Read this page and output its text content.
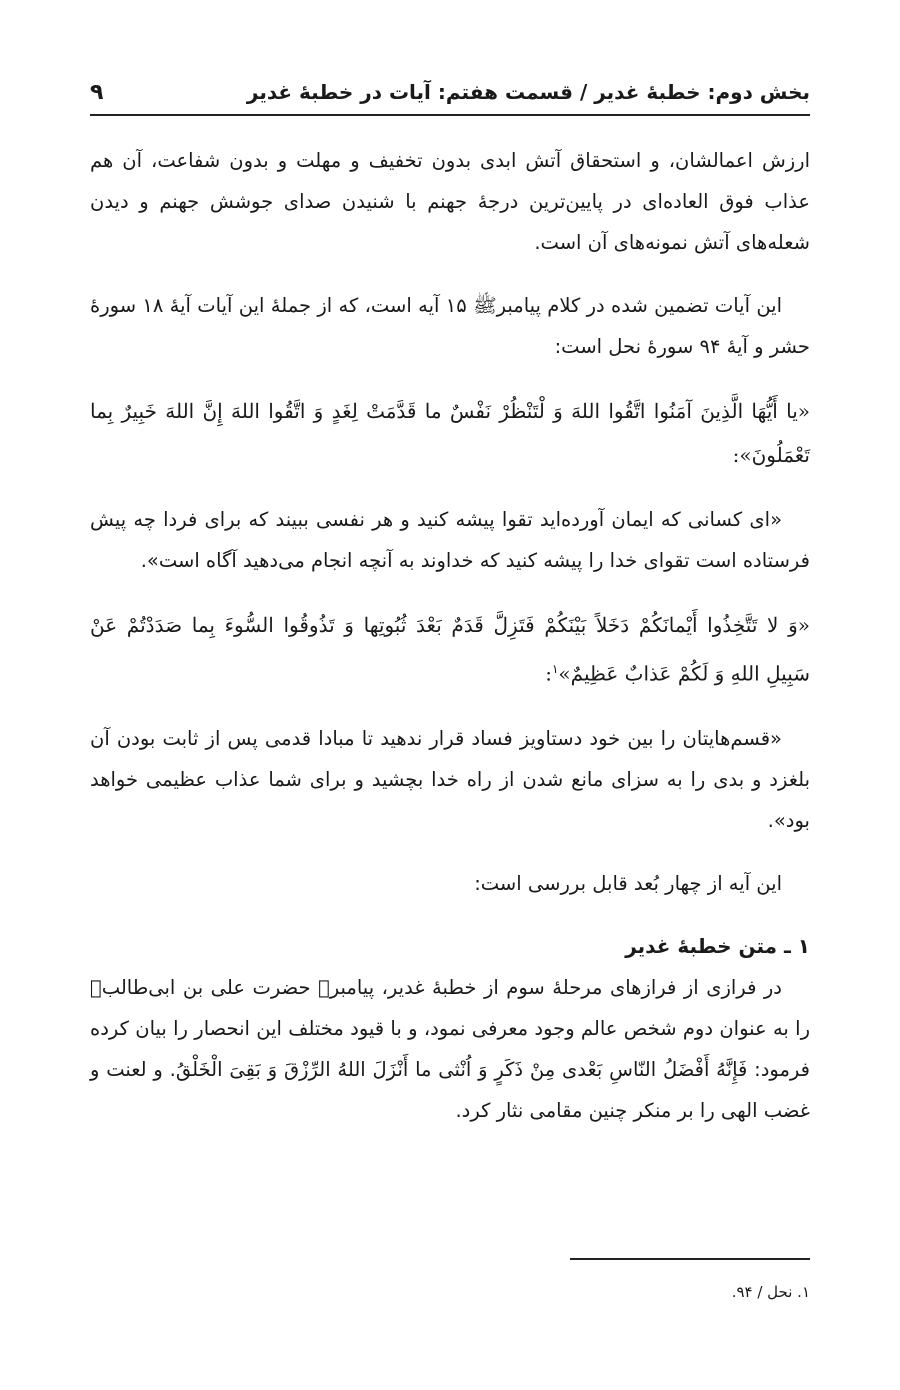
بخش دوم: خطبهٔ غدیر / قسمت هفتم: آیات در خطبهٔ غدیر
۹

ارزش اعمالشان، و استحقاق آتش ابدی بدون تخفیف و مهلت و بدون شفاعت، آن هم عذاب فوق العاده‌ای در پایین‌ترین درجهٔ جهنم با شنیدن صدای جوشش جهنم و دیدن شعله‌های آتش نمونه‌های آن است.

این آیات تضمین شده در کلام پیامبرﷺ ۱۵ آیه است، که از جملهٔ این آیات آیهٔ ۱۸ سورهٔ حشر و آیهٔ ۹۴ سورهٔ نحل است:

«یا أَیُّهَا الَّذِینَ آمَنُوا اتَّقُوا اللهَ وَ لْتَنْظُرْ نَفْسٌ ما قَدَّمَتْ لِغَدٍ وَ اتَّقُوا اللهَ إِنَّ اللهَ خَبِیرٌ بِما تَعْمَلُونَ»:

«ای کسانی که ایمان آورده‌اید تقوا پیشه کنید و هر نفسی ببیند که برای فردا چه پیش فرستاده است تقوای خدا را پیشه کنید که خداوند به آنچه انجام می‌دهید آگاه است».

«وَ لا تَتَّخِذُوا أَیْمانَکُمْ دَخَلاً بَیْنَکُمْ فَتَزِلَّ قَدَمٌ بَعْدَ ثُبُوتِها وَ تَذُوقُوا السُّوءَ بِما صَدَدْتُمْ عَنْ سَبِیلِ اللهِ وَ لَکُمْ عَذابٌ عَظِیمٌ»$^۱$:

«قسم‌هایتان را بین خود دستاویز فساد قرار ندهید تا مبادا قدمی پس از ثابت بودن آن بلغزد و بدی را به سزای مانع شدن از راه خدا بچشید و برای شما عذاب عظیمی خواهد بود».

این آیه از چهار بُعد قابل بررسی است:

۱ ـ متن خطبهٔ غدیر

در فرازی از فرازهای مرحلهٔ سوم از خطبهٔ غدیر، پیامبرﷺ حضرت علی بن ابی‌طالبؑ را به عنوان دوم شخص عالم وجود معرفی نمود، و با قیود مختلف این انحصار را بیان کرده فرمود: فَإِنَّهُ أَفْضَلُ النّاسِ بَعْدی مِنْ ذَکَرٍ وَ اُنْثی ما أَنْزَلَ اللهُ الرِّزْقَ وَ بَقِیَ الْخَلْقُ. و لعنت و غضب الهی را بر منکر چنین مقامی نثار کرد.

۱. نحل / ۹۴.
